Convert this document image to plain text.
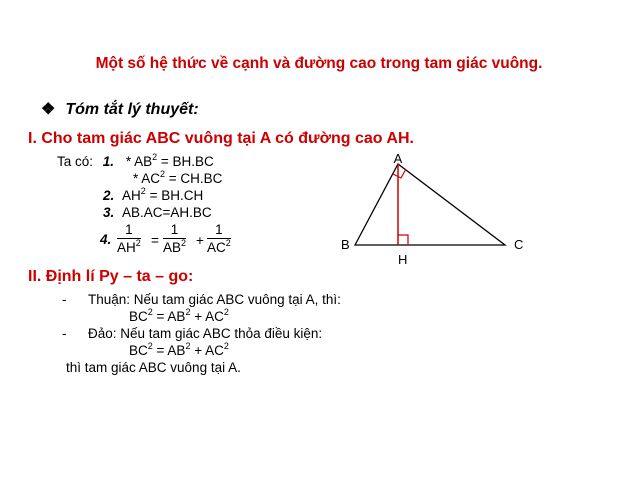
Một số hệ thức về cạnh và đường cao trong tam giác vuông.
❖ Tóm tắt lý thuyết:
I. Cho tam giác ABC vuông tại A có đường cao AH.
Ta có: 1. * $AB^2 = BH.BC$
* $AC^2 = CH.BC$
2. $AH^2 = BH.CH$
3. AB.AC=AH.BC
4. $\frac{1}{AH^2} = \frac{1}{AB^2} + \frac{1}{AC^2}$
A
B	C
H
II. Định lí Py – ta – go:
- Thuận: Nếu tam giác ABC vuông tại A, thì:
$BC^2 = AB^2 + AC^2$
- Đảo: Nếu tam giác ABC thỏa điều kiện:
$BC^2 = AB^2 + AC^2$
thì tam giác ABC vuông tại A.
